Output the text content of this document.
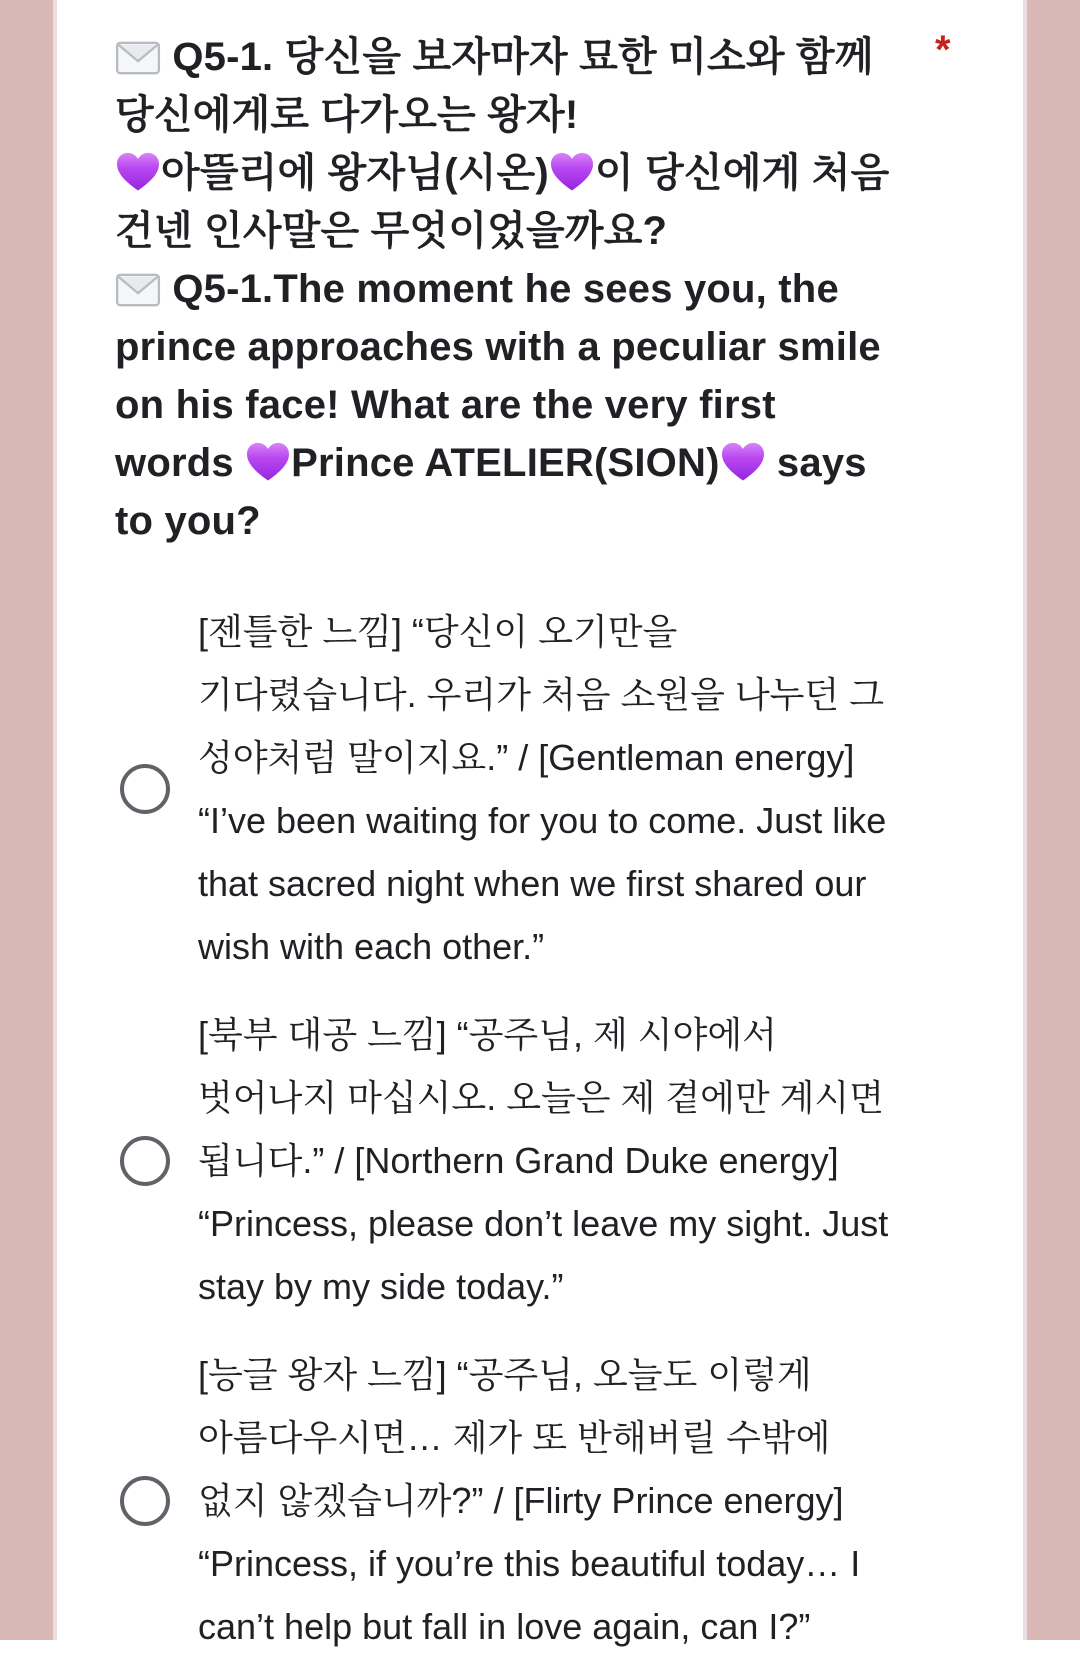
Q5-1. 당신을 보자마자 묘한 미소와 함께 당신에게로 다가오는 왕자!
아뜰리에 왕자님(시온) 이 당신에게 처음 건넨 인사말은 무엇이었을까요?
Q5-1.The moment he sees you, the prince approaches with a peculiar smile on his face! What are the very first words Prince ATELIER(SION) says to you?
*
[젠틀한 느낌] “당신이 오기만을 기다렸습니다. 우리가 처음 소원을 나누던 그 성야처럼 말이지요.” / [Gentleman energy] “I’ve been waiting for you to come. Just like that sacred night when we first shared our wish with each other.”
[북부 대공 느낌] “공주님, 제 시야에서 벗어나지 마십시오. 오늘은 제 곁에만 계시면 됩니다.” / [Northern Grand Duke energy] “Princess, please don’t leave my sight. Just stay by my side today.”
[능글 왕자 느낌] “공주님, 오늘도 이렇게 아름다우시면… 제가 또 반해버릴 수밖에 없지 않겠습니까?” / [Flirty Prince energy] “Princess, if you’re this beautiful today… I can’t help but fall in love again, can I?”
